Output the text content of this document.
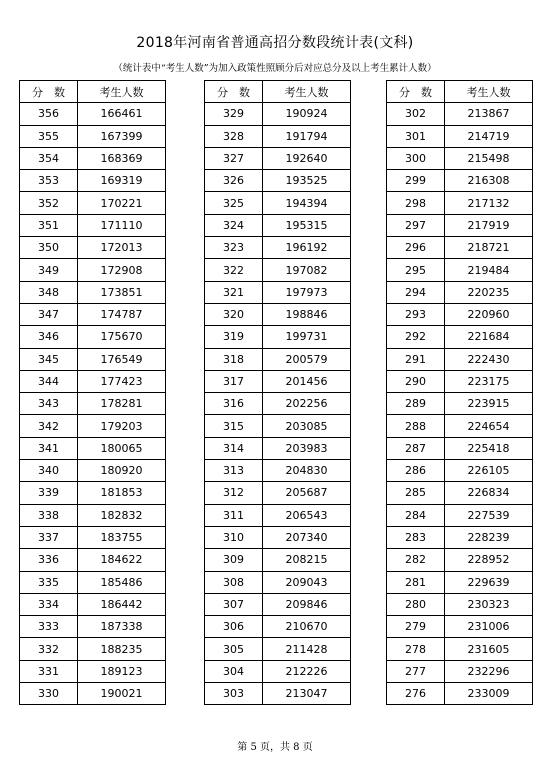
2018年河南省普通高招分数段统计表(文科)
（统计表中“考生人数”为加入政策性照顾分后对应总分及以上考生累计人数）
分　数	考生人数
356	166461
355	167399
354	168369
353	169319
352	170221
351	171110
350	172013
349	172908
348	173851
347	174787
346	175670
345	176549
344	177423
343	178281
342	179203
341	180065
340	180920
339	181853
338	182832
337	183755
336	184622
335	185486
334	186442
333	187338
332	188235
331	189123
330	190021
分　数	考生人数
329	190924
328	191794
327	192640
326	193525
325	194394
324	195315
323	196192
322	197082
321	197973
320	198846
319	199731
318	200579
317	201456
316	202256
315	203085
314	203983
313	204830
312	205687
311	206543
310	207340
309	208215
308	209043
307	209846
306	210670
305	211428
304	212226
303	213047
分　数	考生人数
302	213867
301	214719
300	215498
299	216308
298	217132
297	217919
296	218721
295	219484
294	220235
293	220960
292	221684
291	222430
290	223175
289	223915
288	224654
287	225418
286	226105
285	226834
284	227539
283	228239
282	228952
281	229639
280	230323
279	231006
278	231605
277	232296
276	233009
第 5 页，共 8 页
